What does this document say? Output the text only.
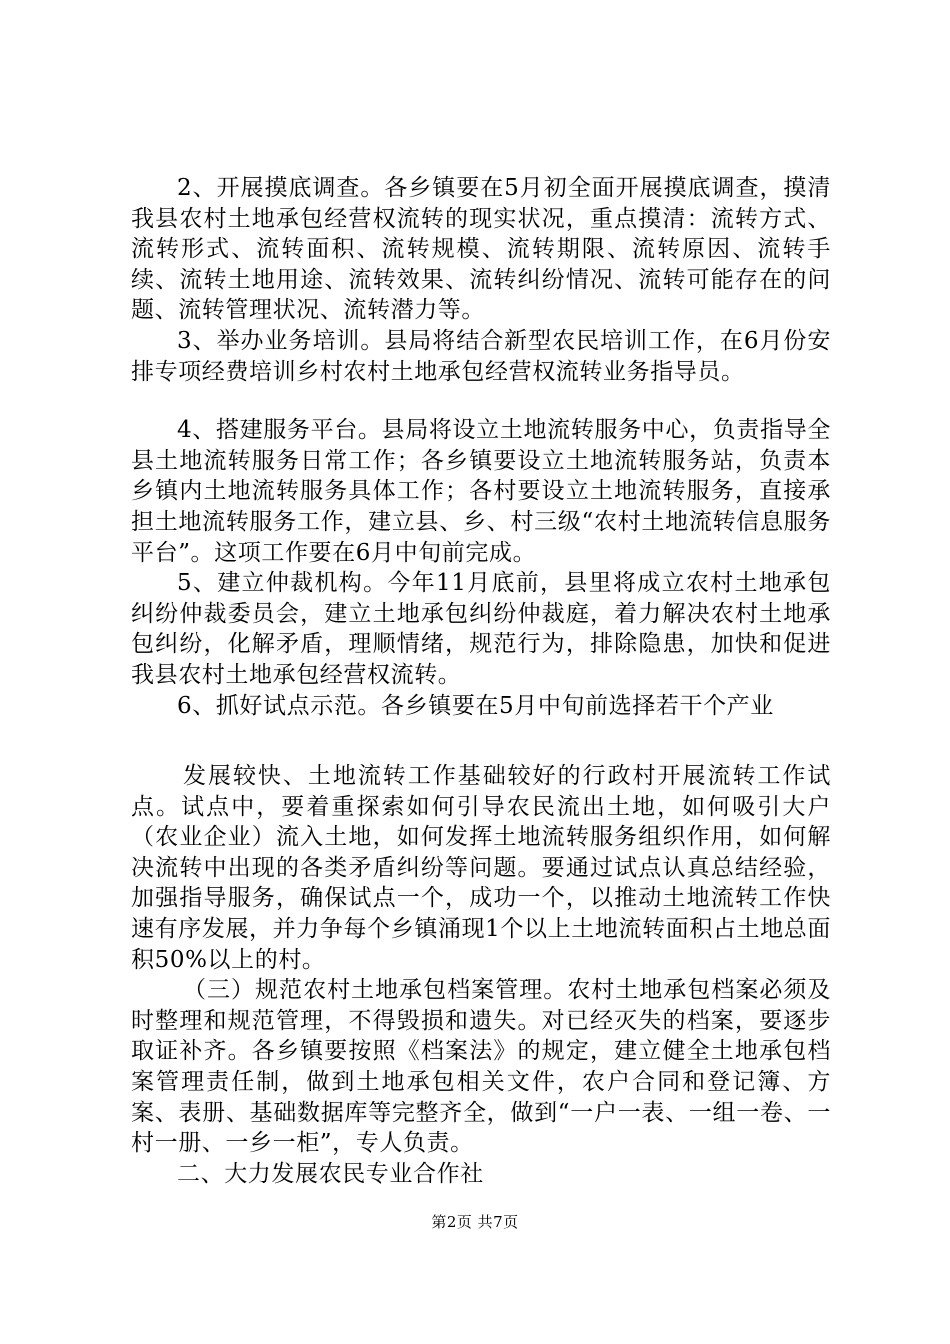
2、开展摸底调查。各乡镇要在5月初全面开展摸底调查，摸清我县农村土地承包经营权流转的现实状况，重点摸清：流转方式、流转形式、流转面积、流转规模、流转期限、流转原因、流转手续、流转土地用途、流转效果、流转纠纷情况、流转可能存在的问题、流转管理状况、流转潜力等。

3、举办业务培训。县局将结合新型农民培训工作，在6月份安排专项经费培训乡村农村土地承包经营权流转业务指导员。

4、搭建服务平台。县局将设立土地流转服务中心，负责指导全县土地流转服务日常工作；各乡镇要设立土地流转服务站，负责本乡镇内土地流转服务具体工作；各村要设立土地流转服务，直接承担土地流转服务工作，建立县、乡、村三级“农村土地流转信息服务平台”。这项工作要在6月中旬前完成。

5、建立仲裁机构。今年11月底前，县里将成立农村土地承包纠纷仲裁委员会，建立土地承包纠纷仲裁庭，着力解决农村土地承包纠纷，化解矛盾，理顺情绪，规范行为，排除隐患，加快和促进我县农村土地承包经营权流转。

6、抓好试点示范。各乡镇要在5月中旬前选择若干个产业

发展较快、土地流转工作基础较好的行政村开展流转工作试点。试点中，要着重探索如何引导农民流出土地，如何吸引大户（农业企业）流入土地，如何发挥土地流转服务组织作用，如何解决流转中出现的各类矛盾纠纷等问题。要通过试点认真总结经验，加强指导服务，确保试点一个，成功一个，以推动土地流转工作快速有序发展，并力争每个乡镇涌现1个以上土地流转面积占土地总面积50%以上的村。

（三）规范农村土地承包档案管理。农村土地承包档案必须及时整理和规范管理，不得毁损和遗失。对已经灭失的档案，要逐步取证补齐。各乡镇要按照《档案法》的规定，建立健全土地承包档案管理责任制，做到土地承包相关文件，农户合同和登记簿、方案、表册、基础数据库等完整齐全，做到“一户一表、一组一卷、一村一册、一乡一柜”，专人负责。

二、大力发展农民专业合作社

第2页 共7页
